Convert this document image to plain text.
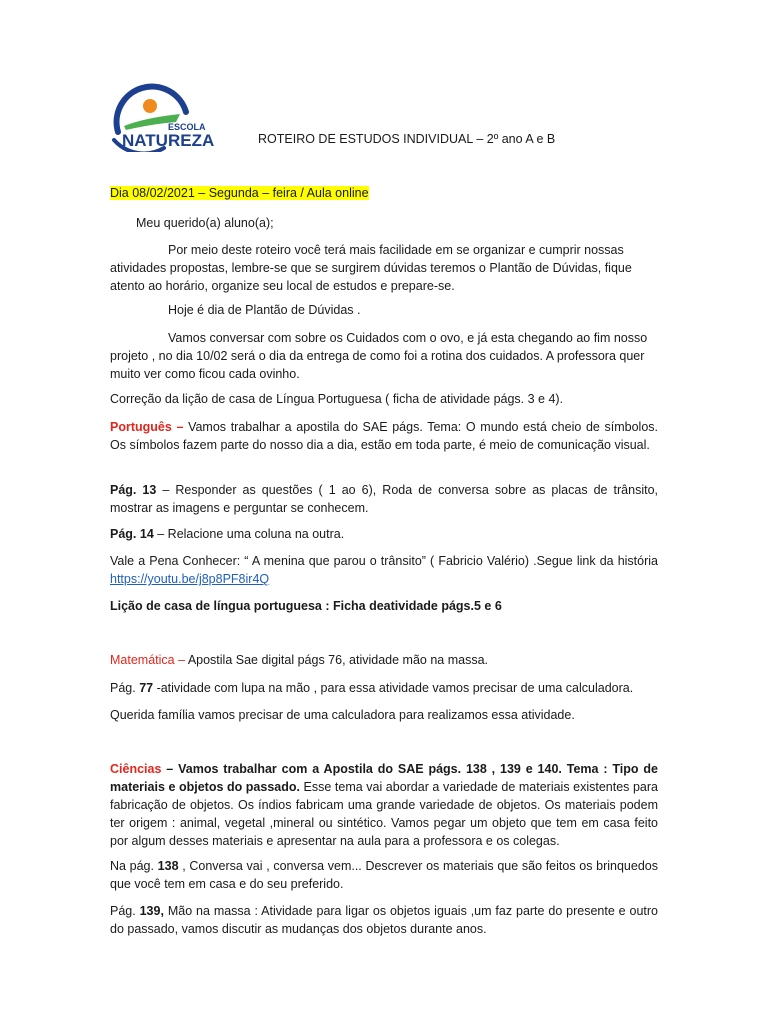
ESCOLA
NATUREZA	ROTEIRO DE ESTUDOS INDIVIDUAL – 2º ano A e B

Dia 08/02/2021 – Segunda – feira / Aula online

Meu querido(a) aluno(a);

Por meio deste roteiro você terá mais facilidade em se organizar e cumprir nossas atividades propostas, lembre-se que se surgirem dúvidas teremos o Plantão de Dúvidas, fique atento ao horário, organize seu local de estudos e prepare-se.

Hoje é dia de Plantão de Dúvidas .

Vamos conversar com sobre os Cuidados com o ovo, e já esta chegando ao fim nosso projeto , no dia 10/02 será o dia da entrega de como foi a rotina dos cuidados. A professora quer muito ver como ficou cada ovinho.

Correção da lição de casa de Língua Portuguesa ( ficha de atividade págs. 3 e 4).

Português – Vamos trabalhar a apostila do SAE págs. Tema: O mundo está cheio de símbolos. Os símbolos fazem parte do nosso dia a dia, estão em toda parte, é meio de comunicação visual.

Pág. 13 – Responder as questões ( 1 ao 6), Roda de conversa sobre as placas de trânsito, mostrar as imagens e perguntar se conhecem.

Pág. 14 – Relacione uma coluna na outra.

Vale a Pena Conhecer: “ A menina que parou o trânsito” ( Fabricio Valério) .Segue link da história https://youtu.be/j8p8PF8ir4Q

Lição de casa de língua portuguesa : Ficha deatividade págs.5 e 6

Matemática – Apostila Sae digital págs 76, atividade mão na massa.

Pág. 77 -atividade com lupa na mão , para essa atividade vamos precisar de uma calculadora.

Querida família vamos precisar de uma calculadora para realizamos essa atividade.

Ciências – Vamos trabalhar com a Apostila do SAE págs. 138 , 139 e 140. Tema : Tipo de materiais e objetos do passado. Esse tema vai abordar a variedade de materiais existentes para fabricação de objetos. Os índios fabricam uma grande variedade de objetos. Os materiais podem ter origem : animal, vegetal ,mineral ou sintético. Vamos pegar um objeto que tem em casa feito por algum desses materiais e apresentar na aula para a professora e os colegas.

Na pág. 138 , Conversa vai , conversa vem... Descrever os materiais que são feitos os brinquedos que você tem em casa e do seu preferido.

Pág. 139, Mão na massa : Atividade para ligar os objetos iguais ,um faz parte do presente e outro do passado, vamos discutir as mudanças dos objetos durante anos.
